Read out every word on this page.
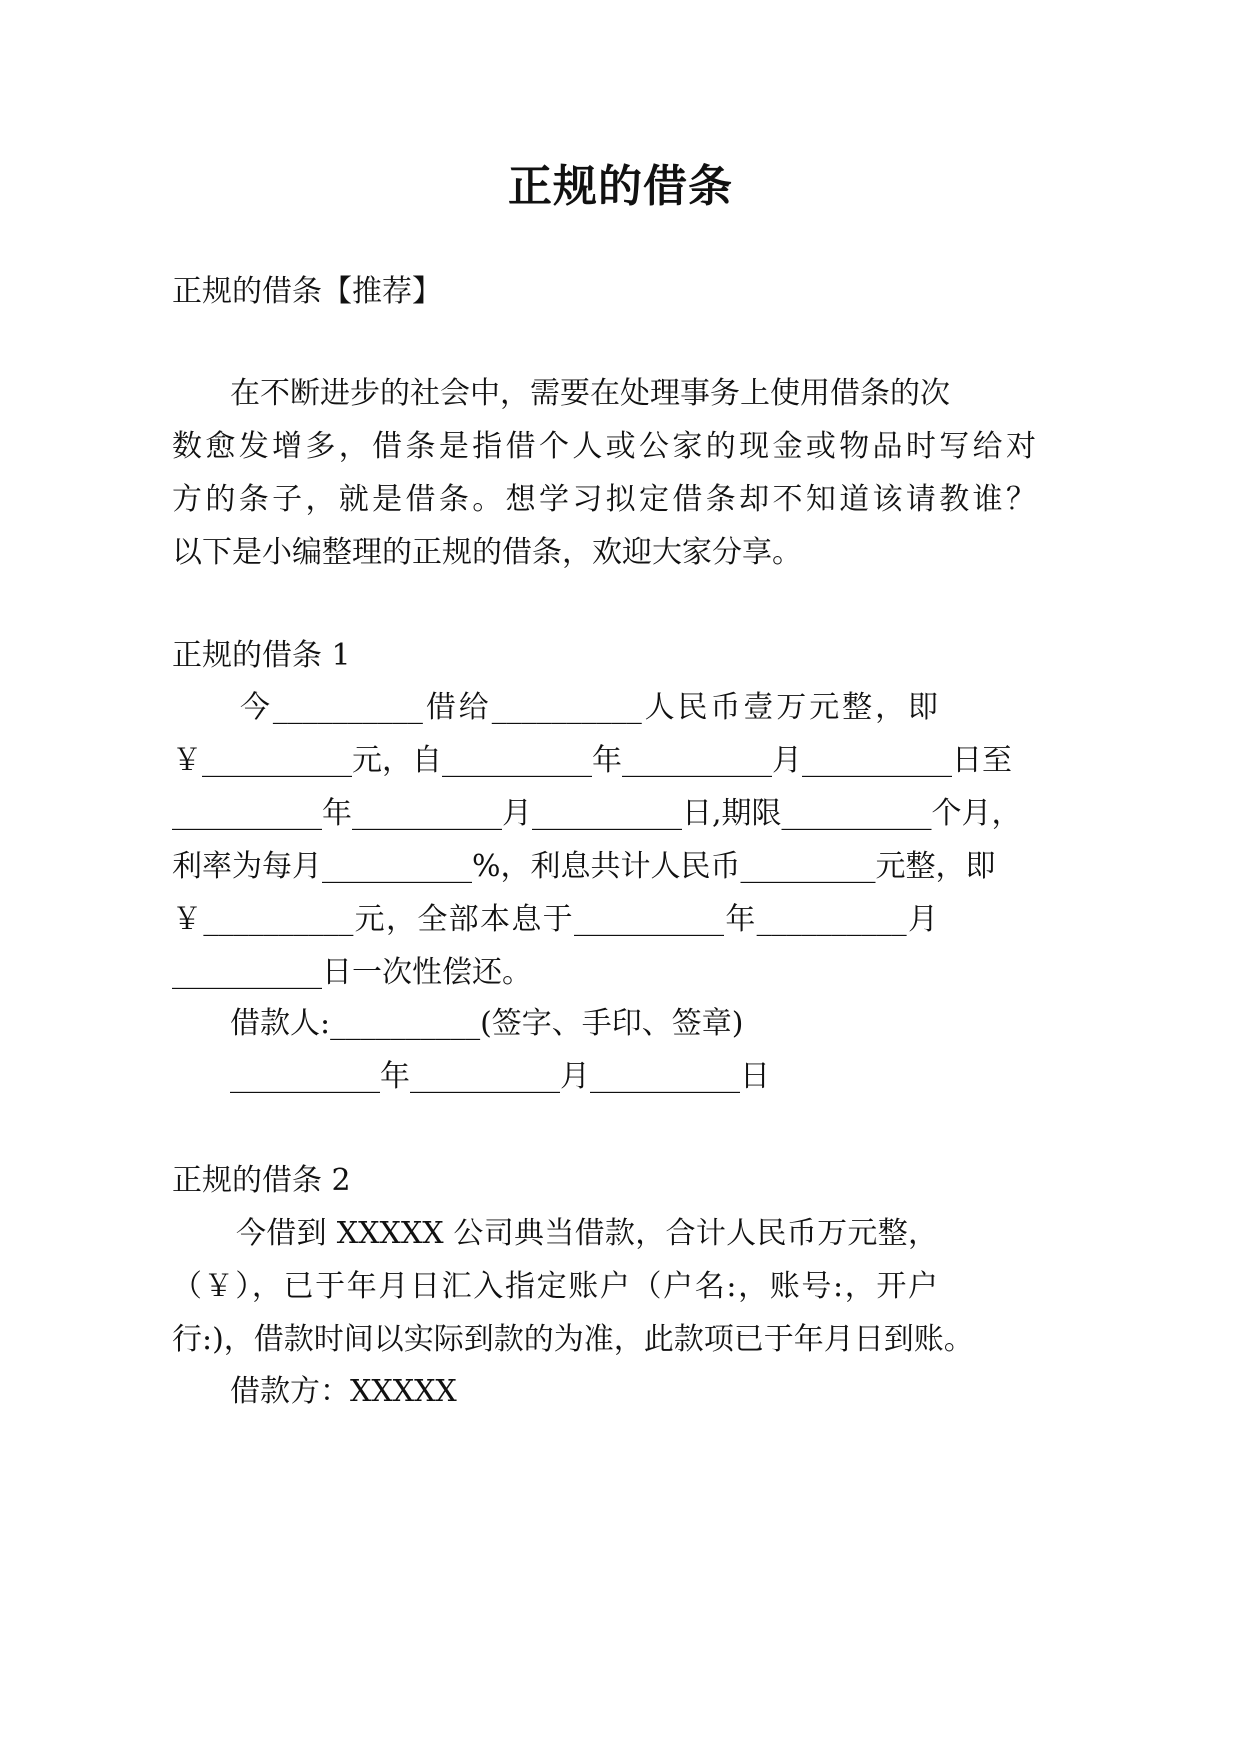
正规的借条
正规的借条【推荐】
在不断进步的社会中，需要在处理事务上使用借条的次
数愈发增多，借条是指借个人或公家的现金或物品时写给对
方的条子，就是借条。想学习拟定借条却不知道该请教谁？
以下是小编整理的正规的借条，欢迎大家分享。
正规的借条 1
今__________借给__________人民币壹万元整，即
￥__________元，自__________年__________月__________日至
__________年__________月__________日,期限__________个月，
利率为每月__________%，利息共计人民币_________元整，即
￥__________元，全部本息于__________年__________月
__________日一次性偿还。
借款人:__________(签字、手印、签章)
__________年__________月__________日
正规的借条 2
今借到 XXXXX 公司典当借款，合计人民币万元整，
（￥），已于年月日汇入指定账户（户名:，账号:，开户
行:)，借款时间以实际到款的为准，此款项已于年月日到账。
借款方：XXXXX
